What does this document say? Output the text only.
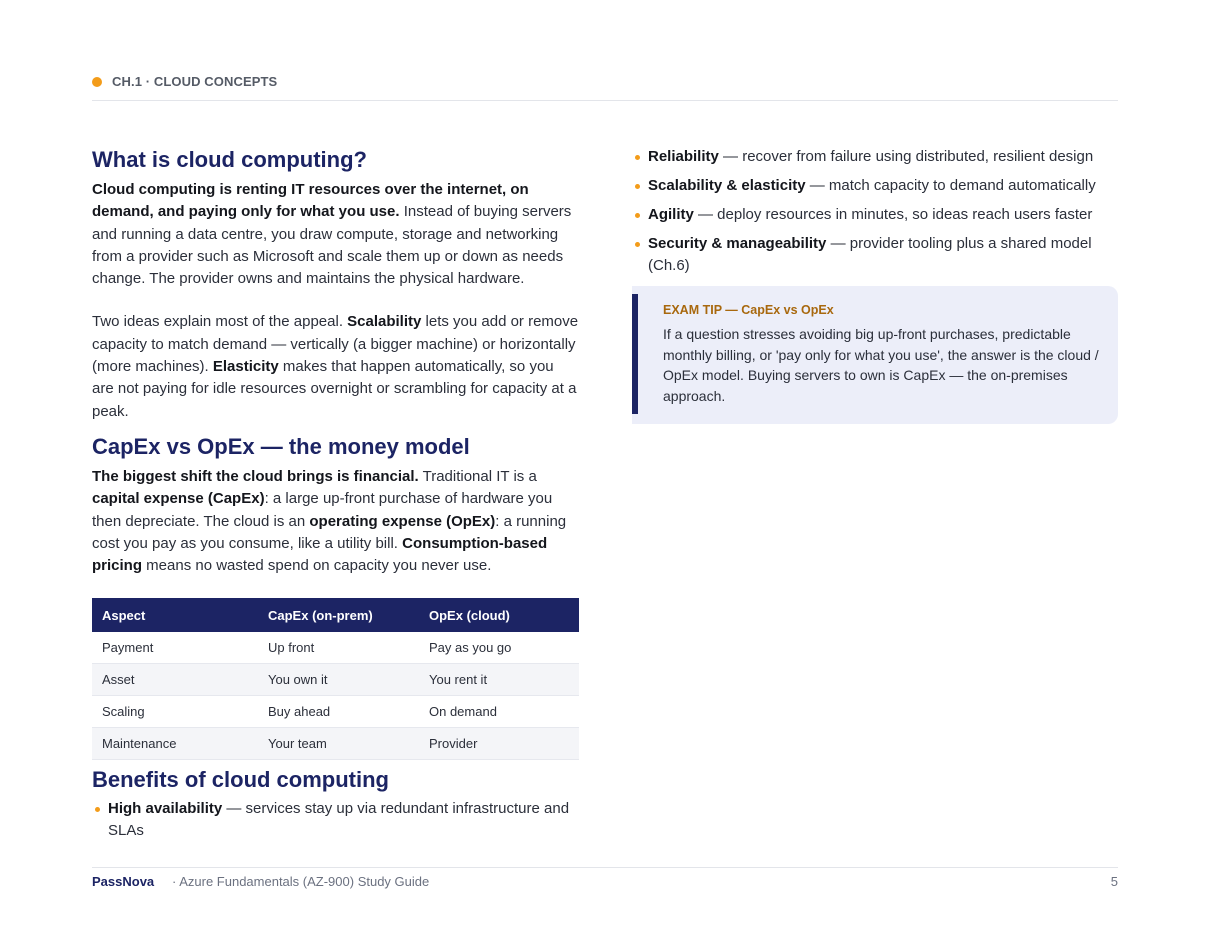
CH.1 · CLOUD CONCEPTS
What is cloud computing?

Cloud computing is renting IT resources over the internet, on demand, and paying only for what you use. Instead of buying servers and running a data centre, you draw compute, storage and networking from a provider such as Microsoft and scale them up or down as needs change. The provider owns and maintains the physical hardware.

Two ideas explain most of the appeal. Scalability lets you add or remove capacity to match demand — vertically (a bigger machine) or horizontally (more machines). Elasticity makes that happen automatically, so you are not paying for idle resources overnight or scrambling for capacity at a peak.

CapEx vs OpEx — the money model

The biggest shift the cloud brings is financial. Traditional IT is a capital expense (CapEx): a large up-front purchase of hardware you then depreciate. The cloud is an operating expense (OpEx): a running cost you pay as you consume, like a utility bill. Consumption-based pricing means no wasted spend on capacity you never use.

Aspect	CapEx (on-prem)	OpEx (cloud)
Payment	Up front	Pay as you go
Asset	You own it	You rent it
Scaling	Buy ahead	On demand
Maintenance	Your team	Provider
Benefits of cloud computing
High availability — services stay up via redundant infrastructure and SLAs
Reliability — recover from failure using distributed, resilient design
Scalability & elasticity — match capacity to demand automatically
Agility — deploy resources in minutes, so ideas reach users faster
Security & manageability — provider tooling plus a shared model (Ch.6)
EXAM TIP — CapEx vs OpEx
If a question stresses avoiding big up-front purchases, predictable monthly billing, or 'pay only for what you use', the answer is the cloud / OpEx model. Buying servers to own is CapEx — the on-premises approach.
PassNova · Azure Fundamentals (AZ-900) Study Guide	5
